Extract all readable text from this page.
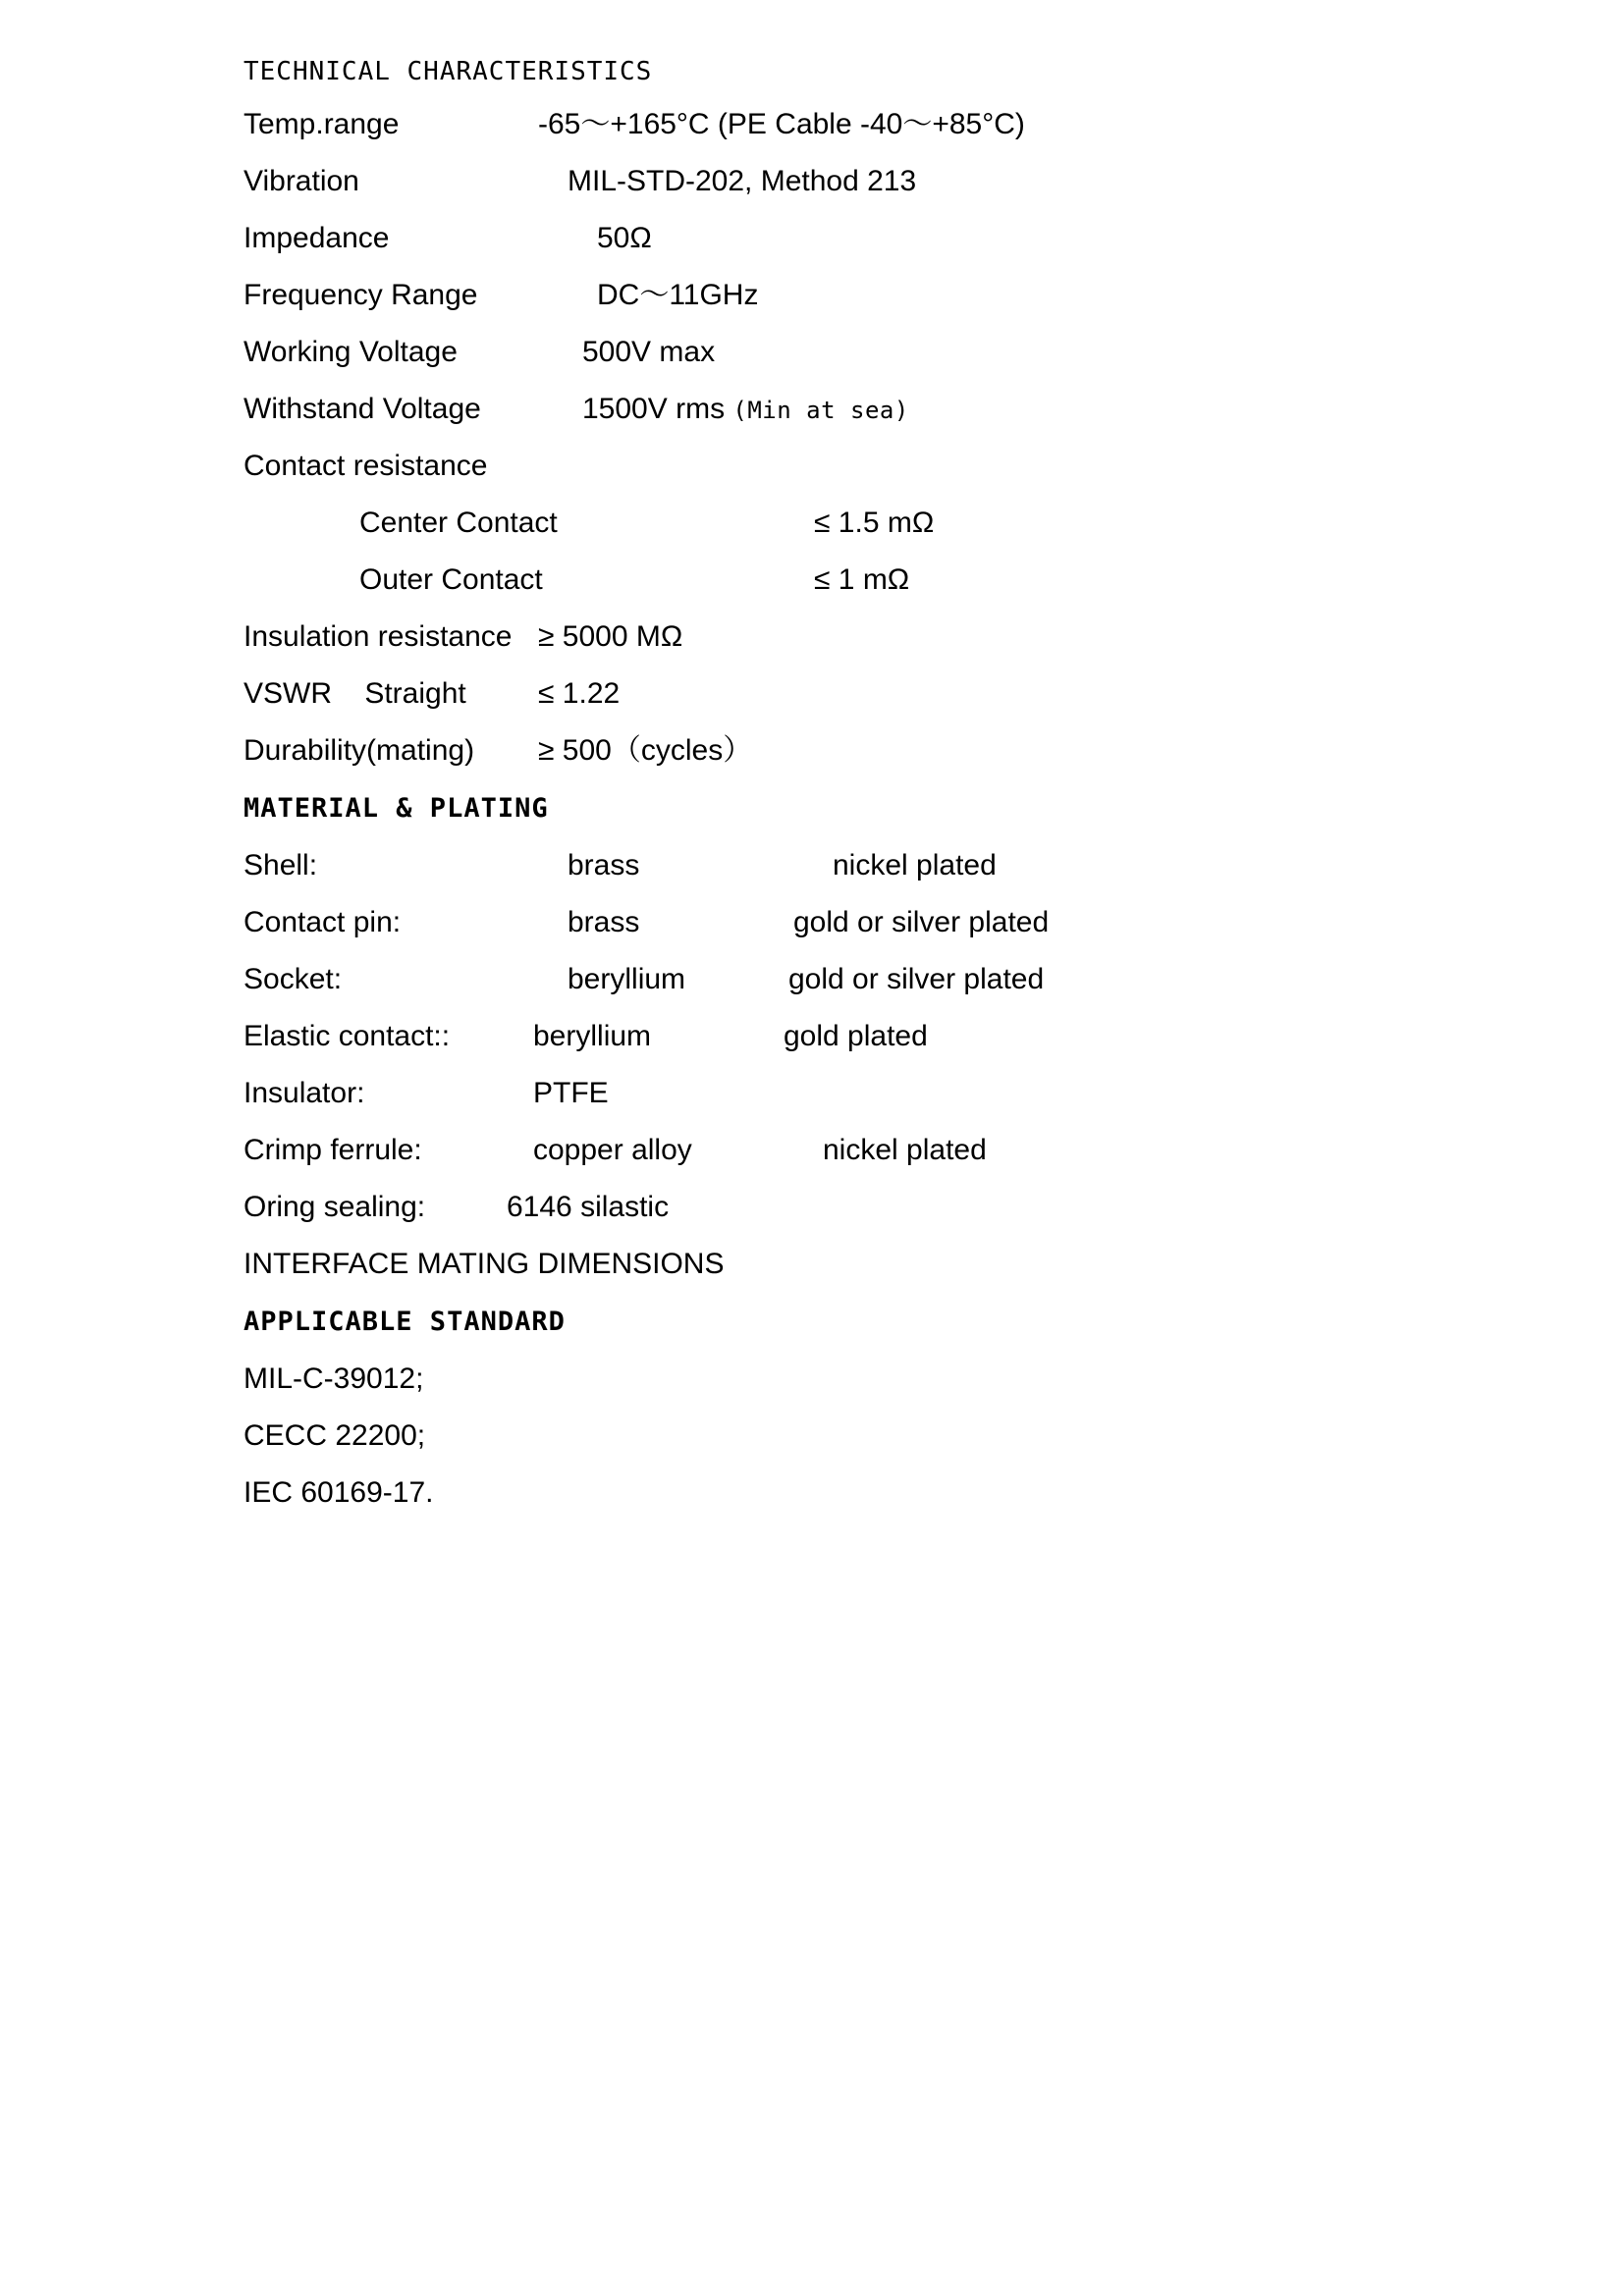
TECHNICAL CHARACTERISTICS
Temp.range	-65～+165°C (PE Cable -40～+85°C)
Vibration	MIL-STD-202, Method 213
Impedance	50Ω
Frequency Range	DC～11GHz
Working Voltage	500V max
Withstand Voltage	1500V rms (Min at sea)
Contact resistance
Center Contact	≤ 1.5 mΩ
Outer Contact	≤ 1 mΩ
Insulation resistance ≥ 5000 MΩ
VSWR    Straight	≤ 1.22
Durability(mating)	≥ 500（cycles）
MATERIAL & PLATING
Shell:	brass	nickel plated
Contact pin:	brass	gold or silver plated
Socket:	beryllium	gold or silver plated
Elastic contact::	beryllium	gold plated
Insulator:	PTFE
Crimp ferrule:	copper alloy	nickel plated
Oring sealing:	6146 silastic
INTERFACE MATING DIMENSIONS
APPLICABLE STANDARD
MIL-C-39012;
CECC 22200;
IEC 60169-17.
